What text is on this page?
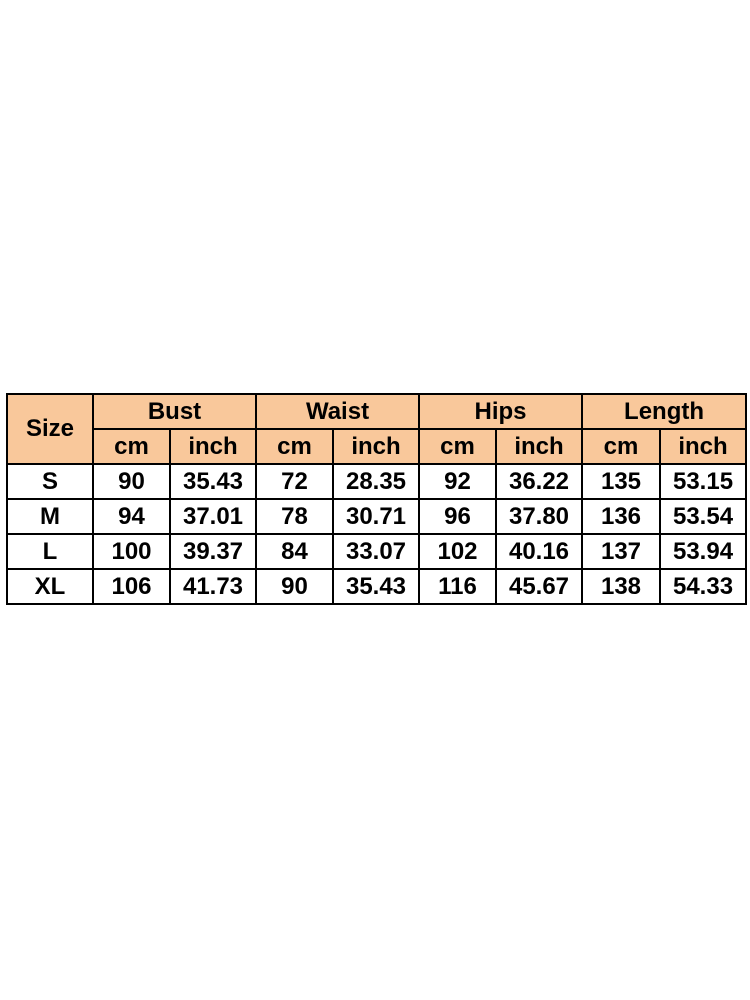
Size	Bust		Waist		Hips		Length	
	cm	inch	cm	inch	cm	inch	cm	inch
S	90	35.43	72	28.35	92	36.22	135	53.15
M	94	37.01	78	30.71	96	37.80	136	53.54
L	100	39.37	84	33.07	102	40.16	137	53.94
XL	106	41.73	90	35.43	116	45.67	138	54.33
